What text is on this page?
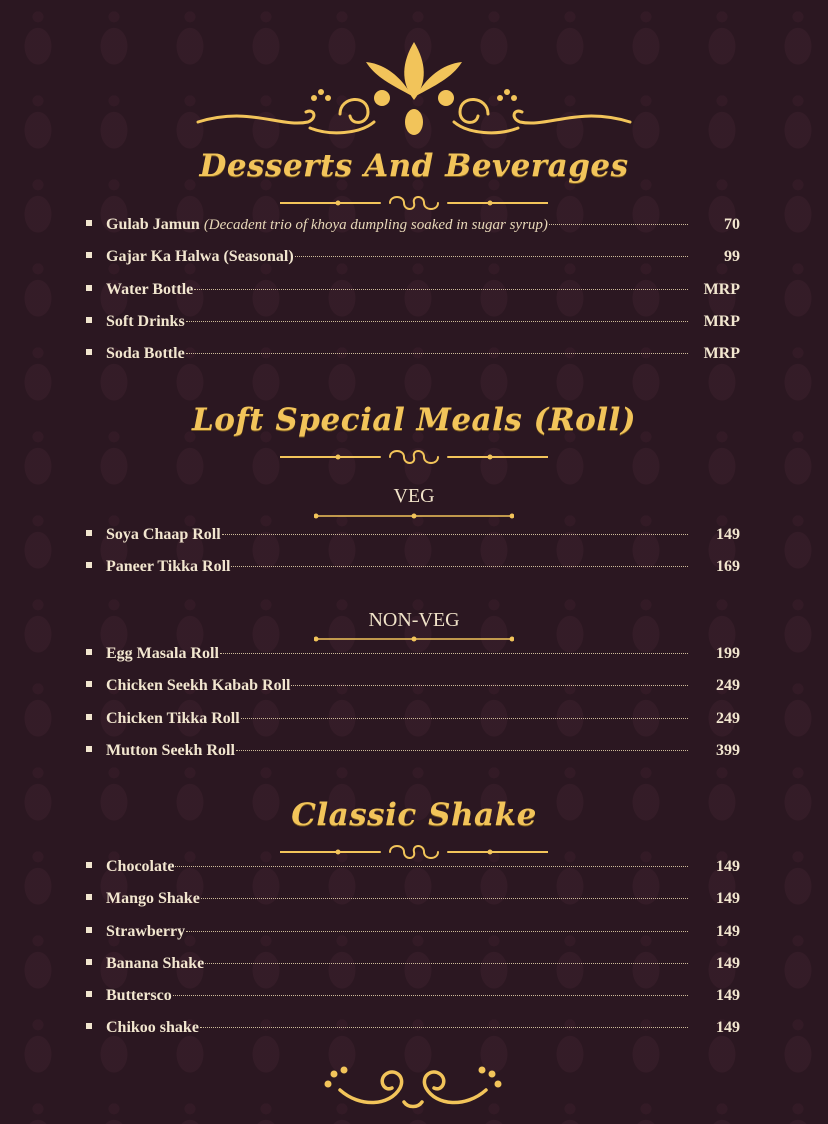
Desserts And Beverages
Gulab Jamun (Decadent trio of khoya dumpling soaked in sugar syrup)	70
Gajar Ka Halwa (Seasonal)	99
Water Bottle	MRP
Soft Drinks	MRP
Soda Bottle	MRP
Loft Special Meals (Roll)
VEG
Soya Chaap Roll	149
Paneer Tikka Roll	169
NON-VEG
Egg Masala Roll	199
Chicken Seekh Kabab Roll	249
Chicken Tikka Roll	249
Mutton Seekh Roll	399
Classic Shake
Chocolate	149
Mango Shake	149
Strawberry	149
Banana Shake	149
Buttersco	149
Chikoo shake	149
